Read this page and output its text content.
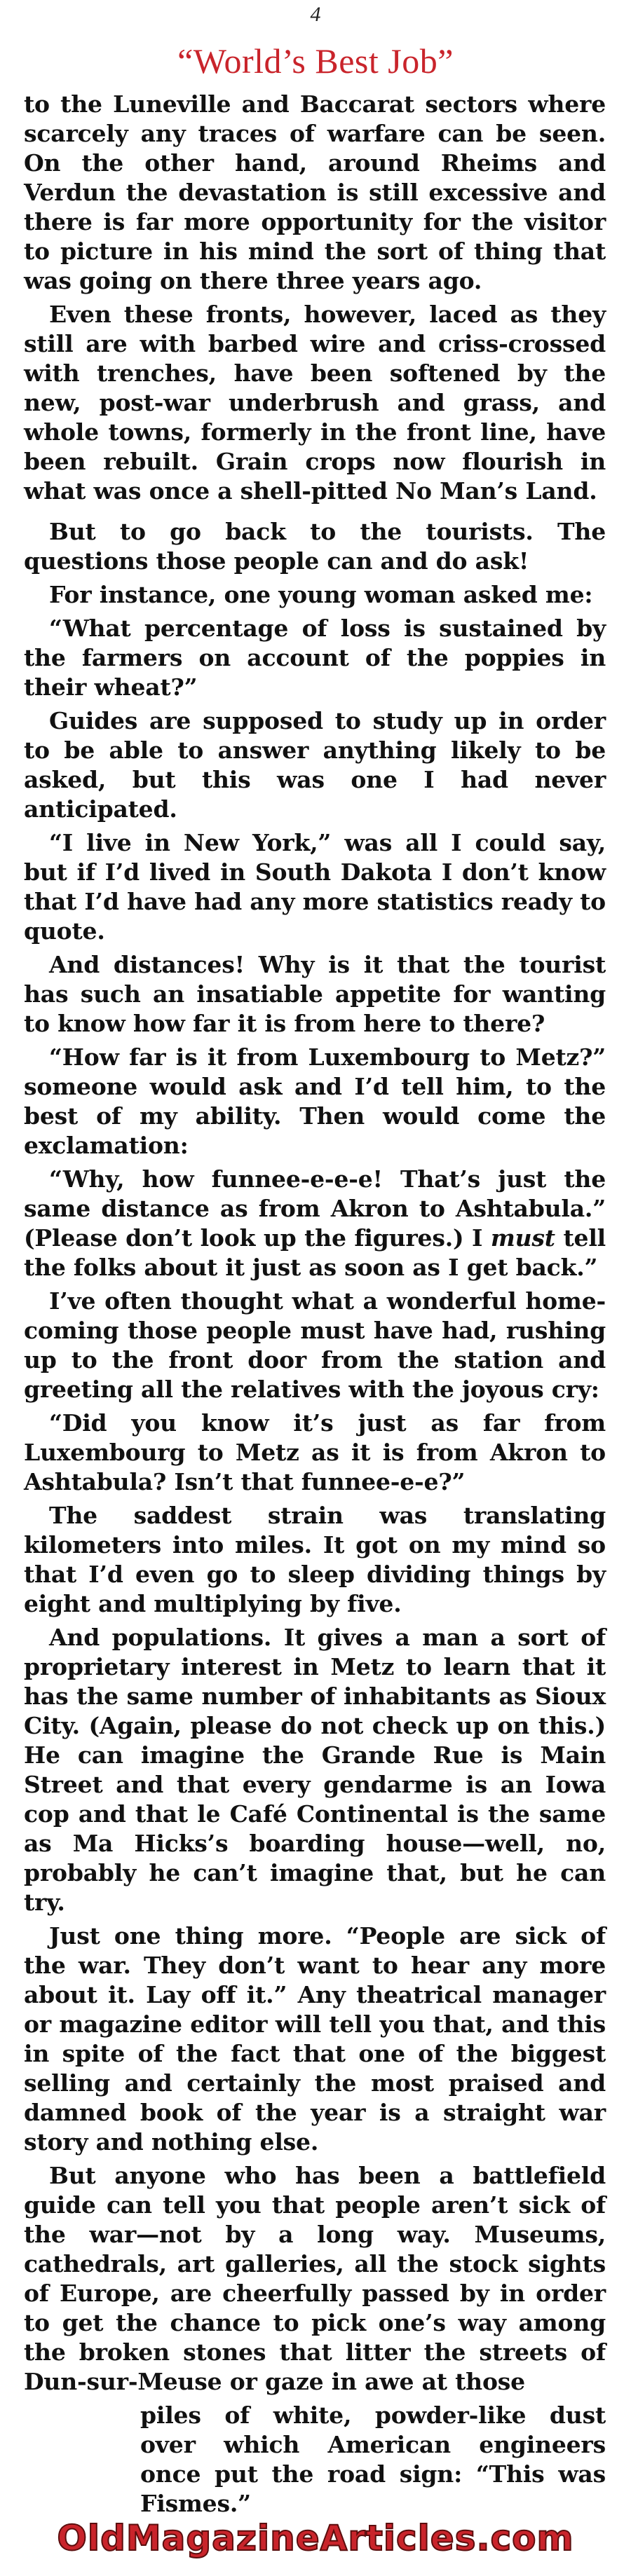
4
“World’s Best Job”

to the Luneville and Baccarat sectors where scarcely any traces of warfare can be seen. On the other hand, around Rheims and Verdun the devastation is still excessive and there is far more opportunity for the visitor to picture in his mind the sort of thing that was going on there three years ago.

Even these fronts, however, laced as they still are with barbed wire and criss-crossed with trenches, have been softened by the new, post-war underbrush and grass, and whole towns, formerly in the front line, have been rebuilt. Grain crops now flourish in what was once a shell-pitted No Man’s Land.

But to go back to the tourists. The questions those people can and do ask!

For instance, one young woman asked me:

“What percentage of loss is sustained by the farmers on account of the poppies in their wheat?”

Guides are supposed to study up in order to be able to answer anything likely to be asked, but this was one I had never anticipated.

“I live in New York,” was all I could say, but if I’d lived in South Dakota I don’t know that I’d have had any more statistics ready to quote.

And distances! Why is it that the tourist has such an insatiable appetite for wanting to know how far it is from here to there?

“How far is it from Luxembourg to Metz?” someone would ask and I’d tell him, to the best of my ability. Then would come the exclamation:

“Why, how funnee-e-e-e! That’s just the same distance as from Akron to Ashtabula.” (Please don’t look up the figures.) I must tell the folks about it just as soon as I get back.”

I’ve often thought what a wonderful home-coming those people must have had, rushing up to the front door from the station and greeting all the relatives with the joyous cry:

“Did you know it’s just as far from Luxembourg to Metz as it is from Akron to Ashtabula? Isn’t that funnee-e-e?”

The saddest strain was translating kilometers into miles. It got on my mind so that I’d even go to sleep dividing things by eight and multiplying by five.

And populations. It gives a man a sort of proprietary interest in Metz to learn that it has the same number of inhabitants as Sioux City. (Again, please do not check up on this.) He can imagine the Grande Rue is Main Street and that every gendarme is an Iowa cop and that le Café Continental is the same as Ma Hicks’s boarding house—well, no, probably he can’t imagine that, but he can try.

Just one thing more. “People are sick of the war. They don’t want to hear any more about it. Lay off it.” Any theatrical manager or magazine editor will tell you that, and this in spite of the fact that one of the biggest selling and certainly the most praised and damned book of the year is a straight war story and nothing else.

But anyone who has been a battlefield guide can tell you that people aren’t sick of the war—not by a long way. Museums, cathedrals, art galleries, all the stock sights of Europe, are cheerfully passed by in order to get the chance to pick one’s way among the broken stones that litter the streets of Dun-sur-Meuse or gaze in awe at those

piles of white, powder-like dust over which American engineers once put the road sign: “This was Fismes.”

OldMagazineArticles.com
